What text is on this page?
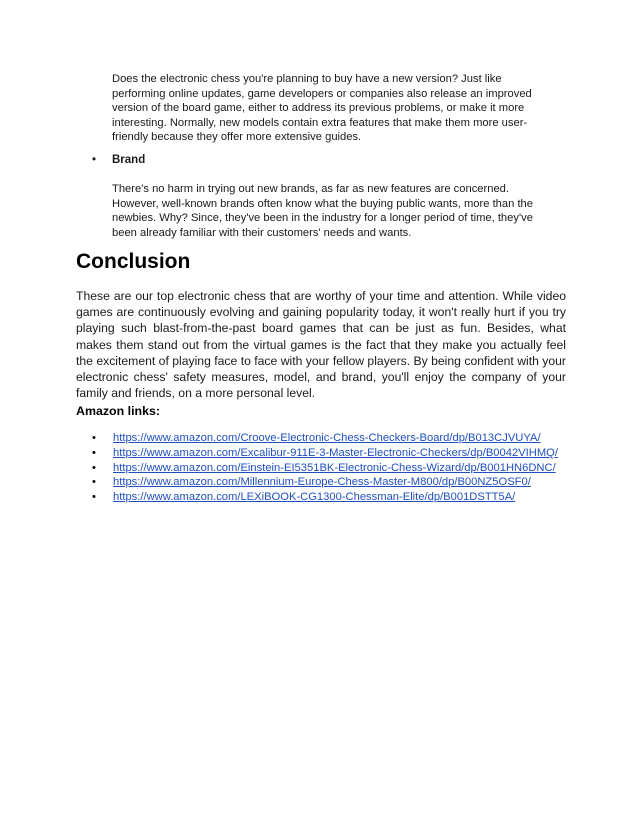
Does the electronic chess you're planning to buy have a new version? Just like performing online updates, game developers or companies also release an improved version of the board game, either to address its previous problems, or make it more interesting. Normally, new models contain extra features that make them more user-friendly because they offer more extensive guides.

• Brand

There's no harm in trying out new brands, as far as new features are concerned. However, well-known brands often know what the buying public wants, more than the newbies. Why? Since, they've been in the industry for a longer period of time, they've been already familiar with their customers' needs and wants.

Conclusion

These are our top electronic chess that are worthy of your time and attention. While video games are continuously evolving and gaining popularity today, it won't really hurt if you try playing such blast-from-the-past board games that can be just as fun. Besides, what makes them stand out from the virtual games is the fact that they make you actually feel the excitement of playing face to face with your fellow players. By being confident with your electronic chess' safety measures, model, and brand, you'll enjoy the company of your family and friends, on a more personal level.

Amazon links:
• https://www.amazon.com/Croove-Electronic-Chess-Checkers-Board/dp/B013CJVUYA/
• https://www.amazon.com/Excalibur-911E-3-Master-Electronic-Checkers/dp/B0042VIHMQ/
• https://www.amazon.com/Einstein-EI5351BK-Electronic-Chess-Wizard/dp/B001HN6DNC/
• https://www.amazon.com/Millennium-Europe-Chess-Master-M800/dp/B00NZ5OSF0/
• https://www.amazon.com/LEXiBOOK-CG1300-Chessman-Elite/dp/B001DSTT5A/
